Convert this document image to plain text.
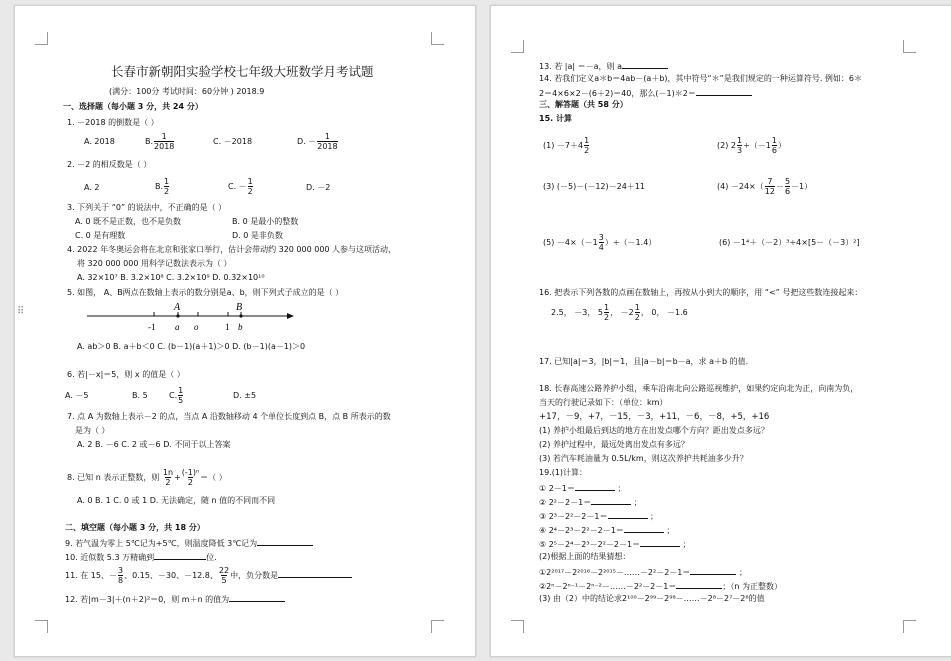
长春市新朝阳实验学校七年级大班数学月考试题
(满分：100分 考试时间：60分钟 ) 2018.9
一、选择题（每小题 3 分，共 24 分）
1. －2018 的倒数是（ ）
A. 2018	B. $\frac{1}{2018}$	C. －2018	D. － $\frac{1}{2018}$
2. －2 的相反数是（ ）
A. 2	B. $\frac{1}{2}$	C. － $\frac{1}{2}$	D. －2
3. 下列关于 “0” 的说法中，不正确的是（ ）
A. 0 既不是正数，也不是负数	B. 0 是最小的整数
C. 0 是有理数	D. 0 是非负数
4. 2022 年冬奥运会将在北京和张家口举行，估计会带动约 320 000 000 人参与这项活动，
将 320 000 000 用科学记数法表示为（ ）
A. 32×10⁷ B. 3.2×10⁸ C. 3.2×10⁹ D. 0.32×10¹⁰
5. 如图， A、B两点在数轴上表示的数分别是a、b，则下列式子成立的是（ ）
A	B
-1 a o	1 b
A. ab＞0 B. a＋b＜0 C. (b－1)(a＋1)＞0 D. (b－1)(a－1)＞0
6. 若|－x|＝5，则 x 的值是（ ）
A. －5	B. 5	C. $\frac{1}{5}$	D. ±5
7. 点 A 为数轴上表示－2 的点，当点 A 沿数轴移动 4 个单位长度到点 B，点 B 所表示的数
是为（ ）
A. 2 B. －6 C. 2 或－6 D. 不同于以上答案
8. 已知 n 表示正整数，则 $\frac{1n}{2} + \frac{\text{(-1)ⁿ}}{2}$ ＝（ ）
A. 0 B. 1 C. 0 或 1 D. 无法确定，随 n 值的不同而不同
二、填空题（每小题 3 分，共 18 分）
9. 若气温为零上 5℃记为+5℃，则温度降低 3℃记为
10. 近似数 5.3 万精确到	位.
11. 在 15、－ $\frac{3}{8}$ 、0.15、－30、－12.8、 $\frac{22}{5}$ 中，负分数是
12. 若|m－3|＋(n＋2)²＝0，则 m＋n 的值为
⠿
13. 若 |a| ＝－a，则 a
14. 若我们定义a＊b＝4ab－(a＋b)，其中符号“＊”是我们规定的一种运算符号. 例如：6＊
2＝4×6×2－(6＋2)＝40，那么(－1)＊2＝
三、解答题（共 58 分）
15. 计算
$(1) -7+4 \frac{1}{2}$	(2) $2 \frac{1}{3} \div(-1 \frac{1}{6}$ ）
(3) (－5)－(－12)－24＋11	$(4) -24\times( \frac{7}{12} - \frac{5}{6} -1)$
$(5) -4\times(-1 \frac{3}{4} )\div(-1.4)$	(6) －1⁴＋（－2）³÷4×[5－（－3）²]
16. 把表示下列各数的点画在数轴上，再按从小到大的顺序，用 “<” 号把这些数连接起来：
2.5， －3， $5 \frac{1}{2}$ ， $-2 \frac{1}{2}$ ， 0， －1.6
17. 已知|a|＝3，|b|＝1，且|a－b|＝b－a，求 a＋b 的值.
18. 长春高速公路养护小组，乘车沿南北向公路巡视维护，如果约定向北为正，向南为负，
当天的行驶记录如下：（单位：km）
+17，－9，+7，－15，－3，+11，－6，－8，+5，+16
(1) 养护小组最后到达的地方在出发点哪个方向？距出发点多远？
(2) 养护过程中，最远处离出发点有多远？
(3) 若汽车耗油量为 0.5L/km，则这次养护共耗油多少升？
19.(1)计算：
① 2－1＝	；
② 2²－2－1＝	；
③ 2³－2²－2－1＝	；
④ 2⁴－2³－2²－2－1＝	；
⑤ 2⁵－2⁴－2³－2²－2－1＝	；
(2)根据上面的结果猜想：
①2²⁰¹⁷－2²⁰¹⁶－2²⁰¹⁵－……－2²－2－1＝	；
②2ⁿ－2ⁿ⁻¹－2ⁿ⁻²－……－2²－2－1＝	；（n 为正整数）
(3) 由（2）中的结论求2¹⁰⁰－2⁹⁹－2⁹⁸－……－2⁸－2⁷－2⁶的值
